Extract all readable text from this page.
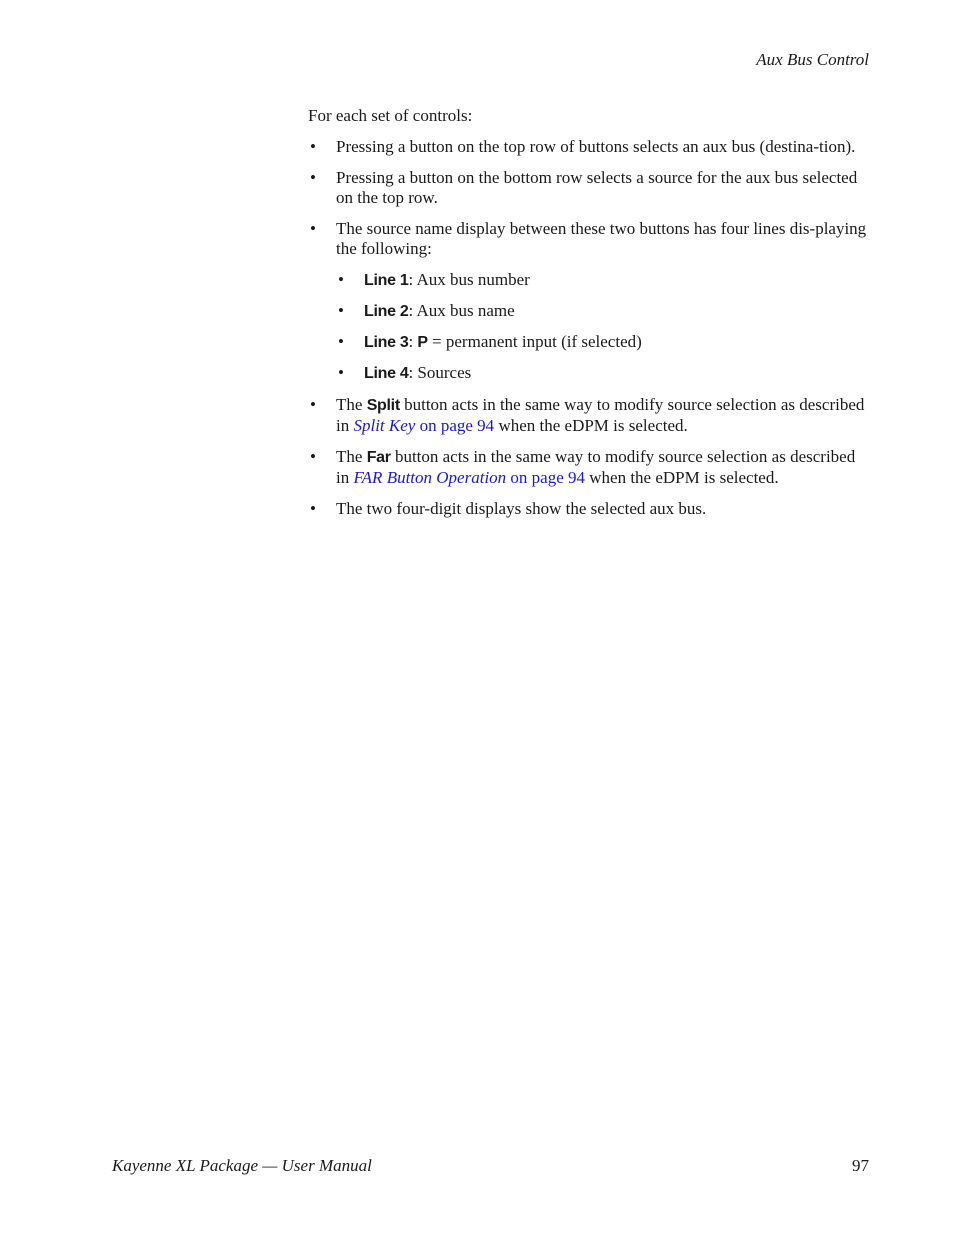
Aux Bus Control

For each set of controls:

• Pressing a button on the top row of buttons selects an aux bus (destina-tion).
• Pressing a button on the bottom row selects a source for the aux bus selected on the top row.
• The source name display between these two buttons has four lines dis-playing the following:
• Line 1: Aux bus number
• Line 2: Aux bus name
• Line 3: P = permanent input (if selected)
• Line 4: Sources
• The Split button acts in the same way to modify source selection as described in Split Key on page 94 when the eDPM is selected.
• The Far button acts in the same way to modify source selection as described in FAR Button Operation on page 94 when the eDPM is selected.
• The two four-digit displays show the selected aux bus.
Kayenne XL Package — User Manual	97
